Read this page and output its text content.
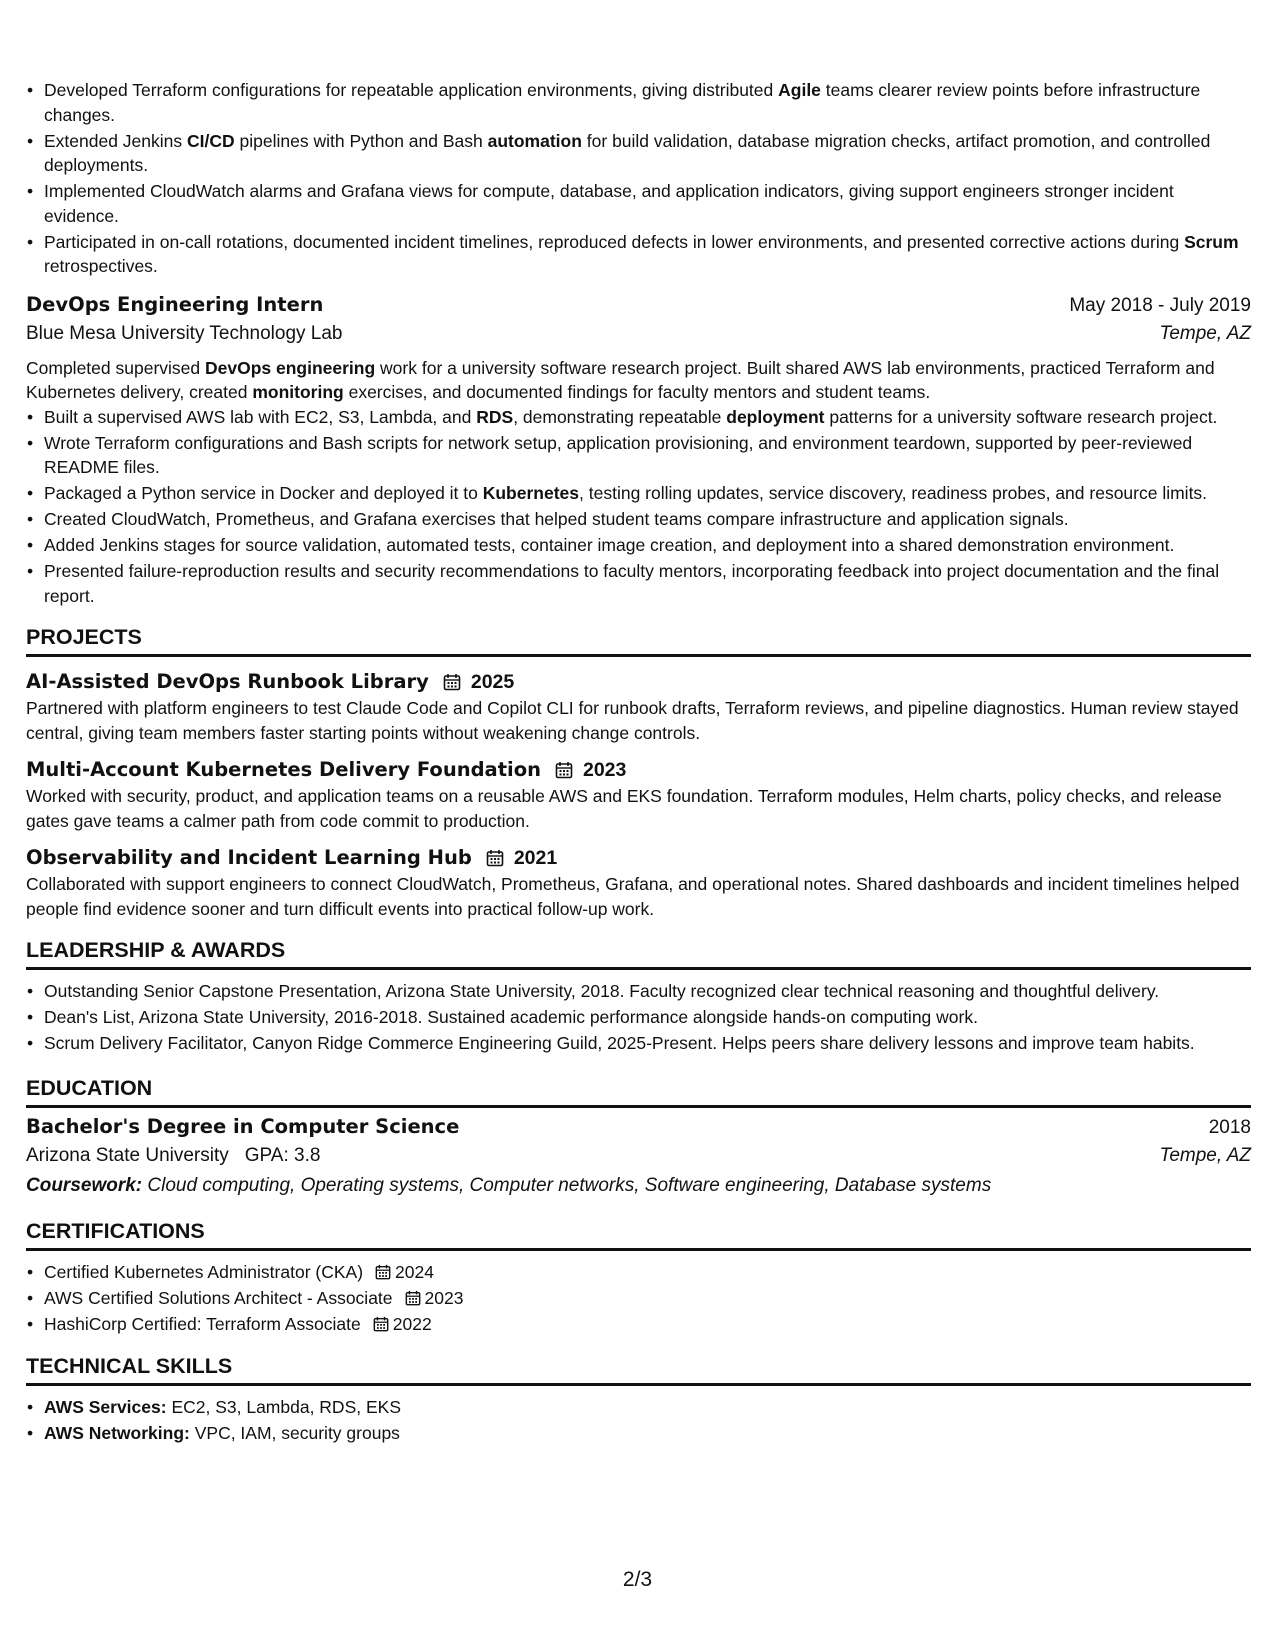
• Developed Terraform configurations for repeatable application environments, giving distributed Agile teams clearer review points before infrastructure changes.
• Extended Jenkins CI/CD pipelines with Python and Bash automation for build validation, database migration checks, artifact promotion, and controlled deployments.
• Implemented CloudWatch alarms and Grafana views for compute, database, and application indicators, giving support engineers stronger incident evidence.
• Participated in on-call rotations, documented incident timelines, reproduced defects in lower environments, and presented corrective actions during Scrum retrospectives.
DevOps Engineering Intern	May 2018 - July 2019
Blue Mesa University Technology Lab	Tempe, AZ
Completed supervised DevOps engineering work for a university software research project. Built shared AWS lab environments, practiced Terraform and Kubernetes delivery, created monitoring exercises, and documented findings for faculty mentors and student teams.
• Built a supervised AWS lab with EC2, S3, Lambda, and RDS, demonstrating repeatable deployment patterns for a university software research project.
• Wrote Terraform configurations and Bash scripts for network setup, application provisioning, and environment teardown, supported by peer-reviewed README files.
• Packaged a Python service in Docker and deployed it to Kubernetes, testing rolling updates, service discovery, readiness probes, and resource limits.
• Created CloudWatch, Prometheus, and Grafana exercises that helped student teams compare infrastructure and application signals.
• Added Jenkins stages for source validation, automated tests, container image creation, and deployment into a shared demonstration environment.
• Presented failure-reproduction results and security recommendations to faculty mentors, incorporating feedback into project documentation and the final report.
PROJECTS
AI-Assisted DevOps Runbook Library 2025
Partnered with platform engineers to test Claude Code and Copilot CLI for runbook drafts, Terraform reviews, and pipeline diagnostics. Human review stayed central, giving team members faster starting points without weakening change controls.
Multi-Account Kubernetes Delivery Foundation 2023
Worked with security, product, and application teams on a reusable AWS and EKS foundation. Terraform modules, Helm charts, policy checks, and release gates gave teams a calmer path from code commit to production.
Observability and Incident Learning Hub 2021
Collaborated with support engineers to connect CloudWatch, Prometheus, Grafana, and operational notes. Shared dashboards and incident timelines helped people find evidence sooner and turn difficult events into practical follow-up work.
LEADERSHIP & AWARDS
• Outstanding Senior Capstone Presentation, Arizona State University, 2018. Faculty recognized clear technical reasoning and thoughtful delivery.
• Dean's List, Arizona State University, 2016-2018. Sustained academic performance alongside hands-on computing work.
• Scrum Delivery Facilitator, Canyon Ridge Commerce Engineering Guild, 2025-Present. Helps peers share delivery lessons and improve team habits.
EDUCATION
Bachelor's Degree in Computer Science	2018
Arizona State University GPA: 3.8	Tempe, AZ
Coursework: Cloud computing, Operating systems, Computer networks, Software engineering, Database systems
CERTIFICATIONS
• Certified Kubernetes Administrator (CKA) 2024
• AWS Certified Solutions Architect - Associate 2023
• HashiCorp Certified: Terraform Associate 2022
TECHNICAL SKILLS
• AWS Services: EC2, S3, Lambda, RDS, EKS
• AWS Networking: VPC, IAM, security groups
2/3
